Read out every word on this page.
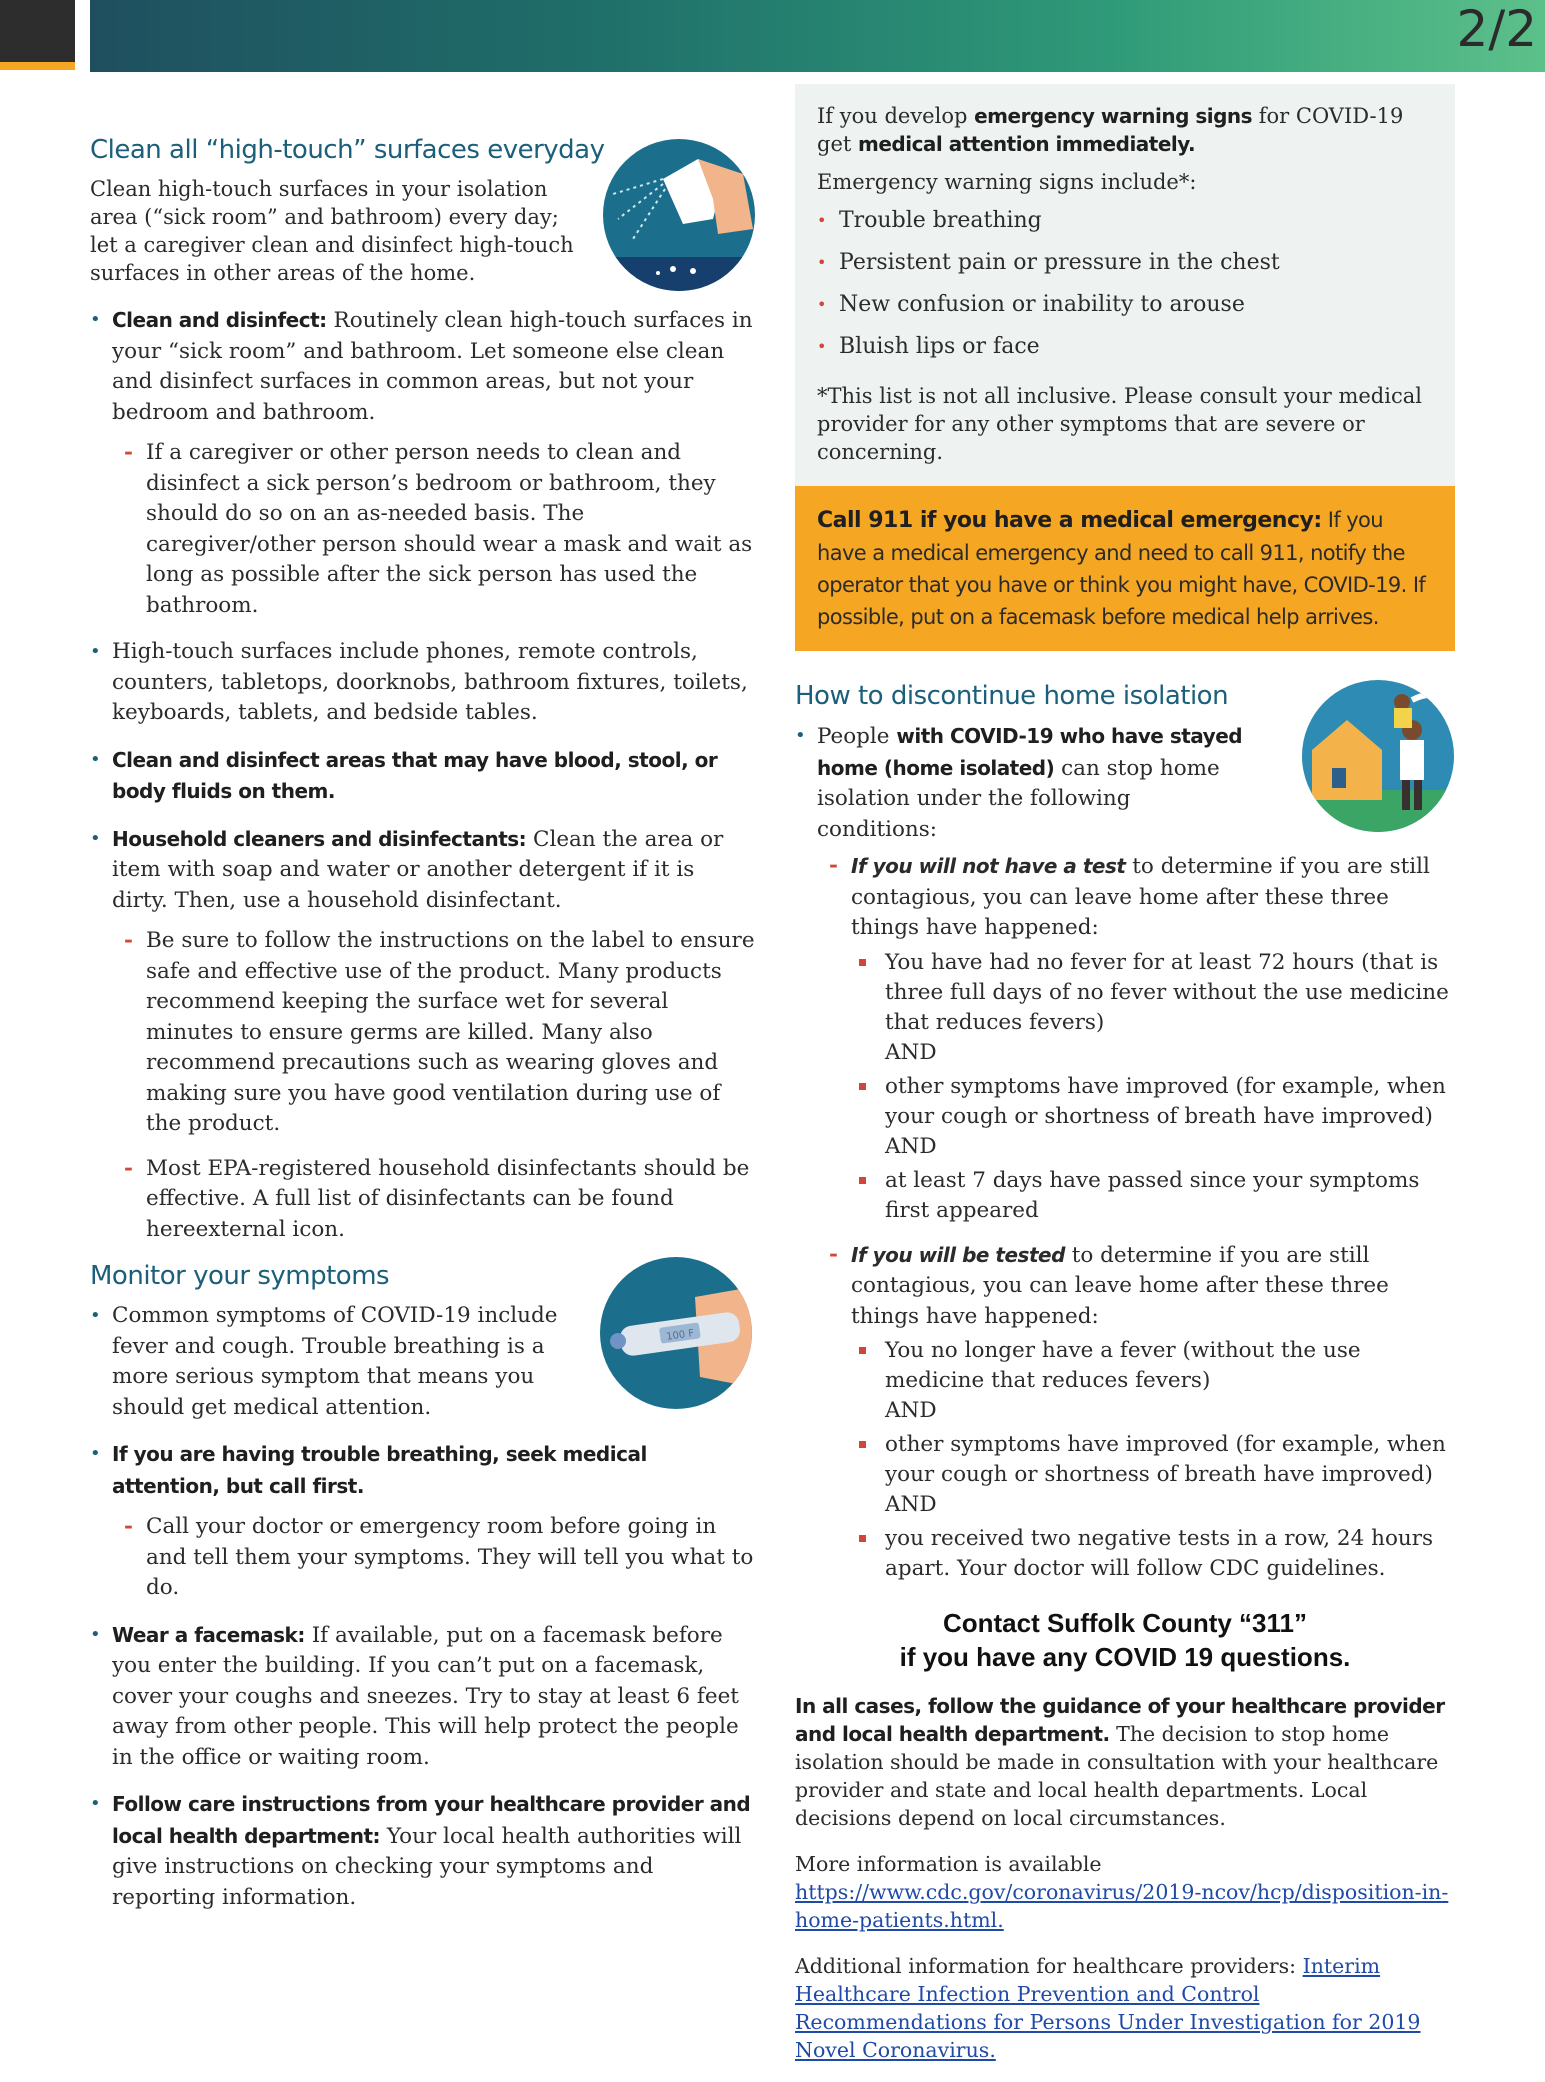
2/2
Clean all “high-touch” surfaces everyday

Clean high-touch surfaces in your isolation area (“sick room” and bathroom) every day; let a caregiver clean and disinfect high-touch surfaces in other areas of the home.

• Clean and disinfect: Routinely clean high-touch surfaces in your “sick room” and bathroom. Let someone else clean and disinfect surfaces in common areas, but not your bedroom and bathroom.
- If a caregiver or other person needs to clean and disinfect a sick person’s bedroom or bathroom, they should do so on an as-needed basis. The caregiver/other person should wear a mask and wait as long as possible after the sick person has used the bathroom.
• High-touch surfaces include phones, remote controls, counters, tabletops, doorknobs, bathroom fixtures, toilets, keyboards, tablets, and bedside tables.
• Clean and disinfect areas that may have blood, stool, or body fluids on them.
• Household cleaners and disinfectants: Clean the area or item with soap and water or another detergent if it is dirty. Then, use a household disinfectant.
- Be sure to follow the instructions on the label to ensure safe and effective use of the product. Many products recommend keeping the surface wet for several minutes to ensure germs are killed. Many also recommend precautions such as wearing gloves and making sure you have good ventilation during use of the product.
- Most EPA-registered household disinfectants should be effective. A full list of disinfectants can be found hereexternal icon.
Monitor your symptoms
• Common symptoms of COVID-19 include fever and cough. Trouble breathing is a more serious symptom that means you should get medical attention.
• If you are having trouble breathing, seek medical attention, but call first.
- Call your doctor or emergency room before going in and tell them your symptoms. They will tell you what to do.
• Wear a facemask: If available, put on a facemask before you enter the building. If you can’t put on a facemask, cover your coughs and sneezes. Try to stay at least 6 feet away from other people. This will help protect the people in the office or waiting room.
• Follow care instructions from your healthcare provider and local health department: Your local health authorities will give instructions on checking your symptoms and reporting information.
100 F

If you develop emergency warning signs for COVID-19 get medical attention immediately.

Emergency warning signs include*:

• Trouble breathing
• Persistent pain or pressure in the chest
• New confusion or inability to arouse
• Bluish lips or face

*This list is not all inclusive. Please consult your medical provider for any other symptoms that are severe or concerning.

Call 911 if you have a medical emergency: If you have a medical emergency and need to call 911, notify the operator that you have or think you might have, COVID-19. If possible, put on a facemask before medical help arrives.
How to discontinue home isolation
• People with COVID-19 who have stayed home (home isolated) can stop home isolation under the following conditions:
- If you will not have a test to determine if you are still contagious, you can leave home after these three things have happened:
You have had no fever for at least 72 hours (that is three full days of no fever without the use medicine that reduces fevers)
AND
other symptoms have improved (for example, when your cough or shortness of breath have improved)
AND
at least 7 days have passed since your symptoms first appeared
- If you will be tested to determine if you are still contagious, you can leave home after these three things have happened:
You no longer have a fever (without the use medicine that reduces fevers)
AND
other symptoms have improved (for example, when your cough or shortness of breath have improved)
AND
you received two negative tests in a row, 24 hours apart. Your doctor will follow CDC guidelines.
Contact Suffolk County “311”
if you have any COVID 19 questions.

In all cases, follow the guidance of your healthcare provider and local health department. The decision to stop home isolation should be made in consultation with your healthcare provider and state and local health departments. Local decisions depend on local circumstances.

More information is available https://www.cdc.gov/coronavirus/2019-ncov/hcp/disposition-in-home-patients.html.

Additional information for healthcare providers: Interim Healthcare Infection Prevention and Control Recommendations for Persons Under Investigation for 2019 Novel Coronavirus.
